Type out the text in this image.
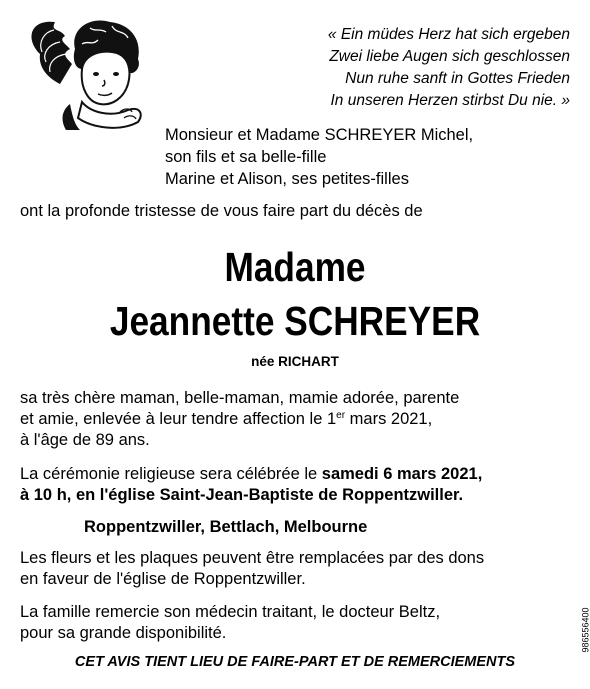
« Ein müdes Herz hat sich ergeben
Zwei liebe Augen sich geschlossen
Nun ruhe sanft in Gottes Frieden
In unseren Herzen stirbst Du nie. »
Monsieur et Madame SCHREYER Michel,
son fils et sa belle-fille
Marine et Alison, ses petites-filles
ont la profonde tristesse de vous faire part du décès de
Madame
Jeannette SCHREYER
née RICHART
sa très chère maman, belle-maman, mamie adorée, parente
et amie, enlevée à leur tendre affection le 1er mars 2021,
à l'âge de 89 ans.
La cérémonie religieuse sera célébrée le samedi 6 mars 2021,
à 10 h, en l'église Saint-Jean-Baptiste de Roppentzwiller.
Roppentzwiller, Bettlach, Melbourne
Les fleurs et les plaques peuvent être remplacées par des dons
en faveur de l'église de Roppentzwiller.
La famille remercie son médecin traitant, le docteur Beltz,
pour sa grande disponibilité.
CET AVIS TIENT LIEU DE FAIRE-PART ET DE REMERCIEMENTS
986556400
